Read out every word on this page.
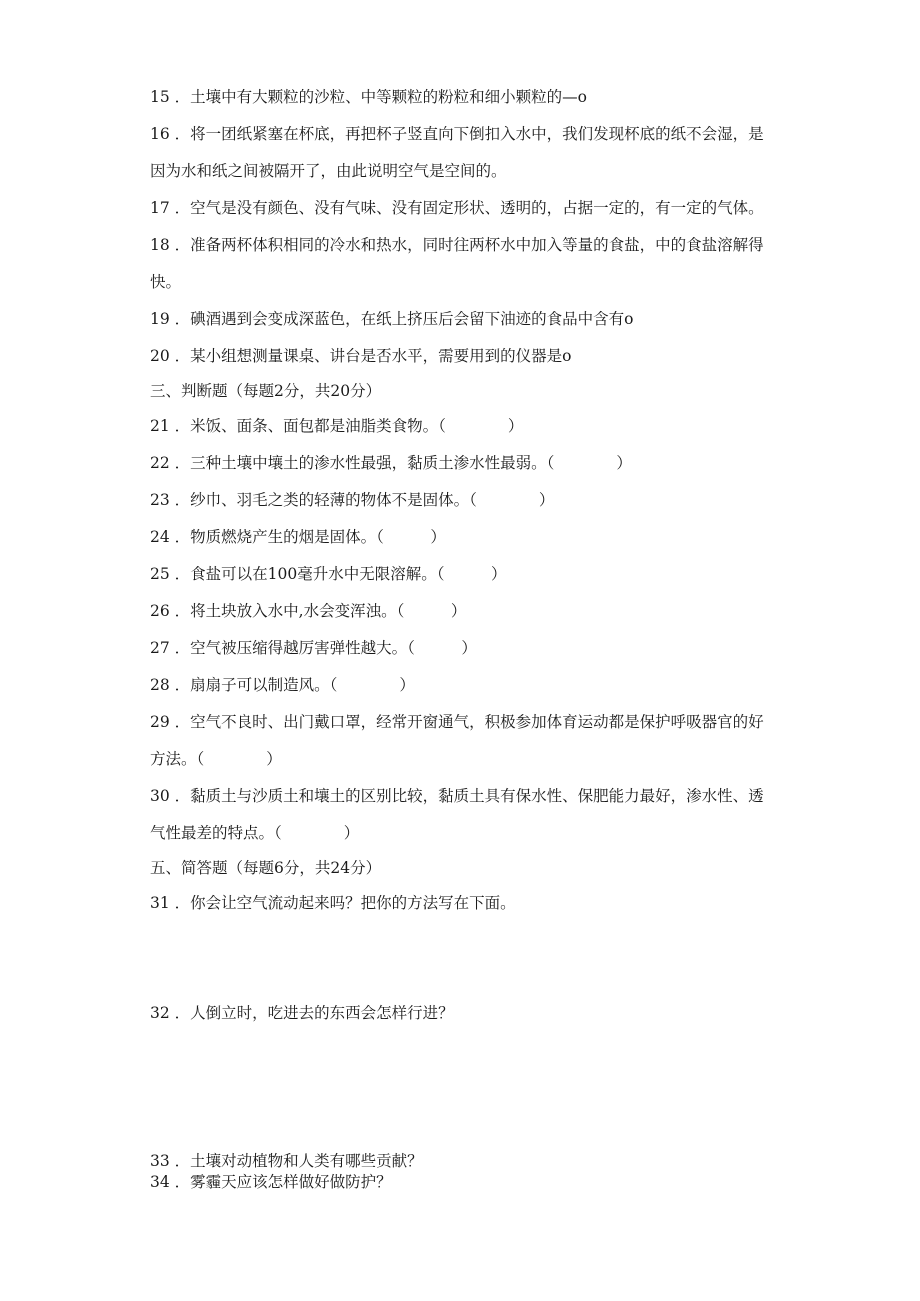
15 ．土壤中有大颗粒的沙粒、中等颗粒的粉粒和细小颗粒的—o
16 ．将一团纸紧塞在杯底，再把杯子竖直向下倒扣入水中，我们发现杯底的纸不会湿，是
因为水和纸之间被隔开了，由此说明空气是空间的。
17 ．空气是没有颜色、没有气味、没有固定形状、透明的，占据一定的，有一定的气体。
18 ．准备两杯体积相同的冷水和热水，同时往两杯水中加入等量的食盐，中的食盐溶解得
快。
19 ．碘酒遇到会变成深蓝色，在纸上挤压后会留下油迹的食品中含有o
20 ．某小组想测量课桌、讲台是否水平，需要用到的仪器是o
三、判断题（每题2分，共20分）
21 ．米饭、面条、面包都是油脂类食物。（　　　　）
22 ．三种土壤中壤土的渗水性最强，黏质土渗水性最弱。（　　　　）
23 ．纱巾、羽毛之类的轻薄的物体不是固体。（　　　　）
24 ．物质燃烧产生的烟是固体。（　　　）
25 ．食盐可以在100毫升水中无限溶解。（　　　）
26 ．将土块放入水中,水会变浑浊。（　　　）
27 ．空气被压缩得越厉害弹性越大。（　　　）
28 ．扇扇子可以制造风。（　　　　）
29 ．空气不良时、出门戴口罩，经常开窗通气，积极参加体育运动都是保护呼吸器官的好
方法。（　　　　）
30 ．黏质土与沙质土和壤土的区别比较，黏质土具有保水性、保肥能力最好，渗水性、透
气性最差的特点。（　　　　）
五、简答题（每题6分，共24分）
31 ．你会让空气流动起来吗？把你的方法写在下面。
32 ．人倒立时，吃进去的东西会怎样行进？
33 ．土壤对动植物和人类有哪些贡献？
34 ．雾霾天应该怎样做好做防护？
